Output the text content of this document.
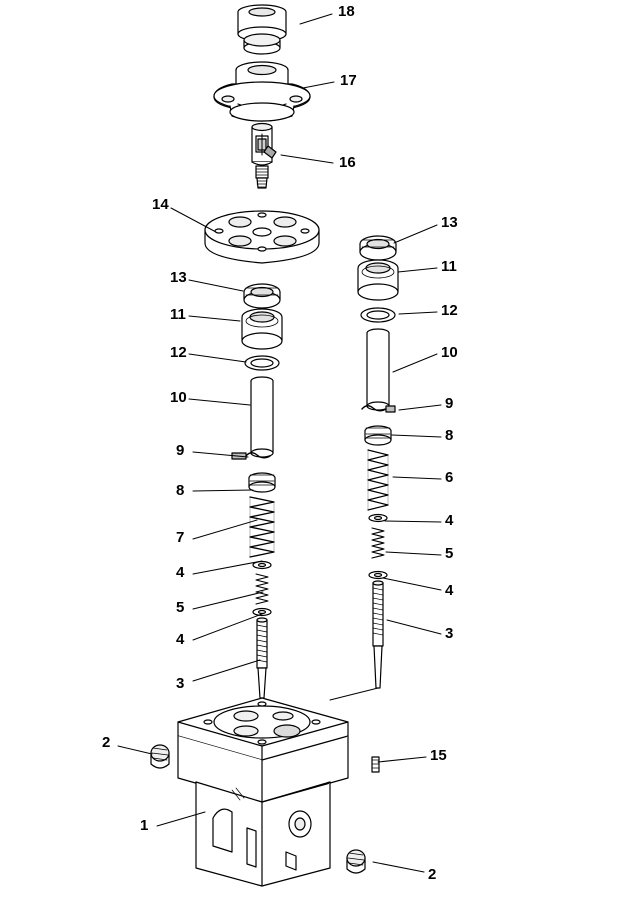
18
17
16
14
13
11
13
12
11
12	10
10	9
8
9
6
8
7
4
5
4
4
5
4	3
3
2
15
1
2
